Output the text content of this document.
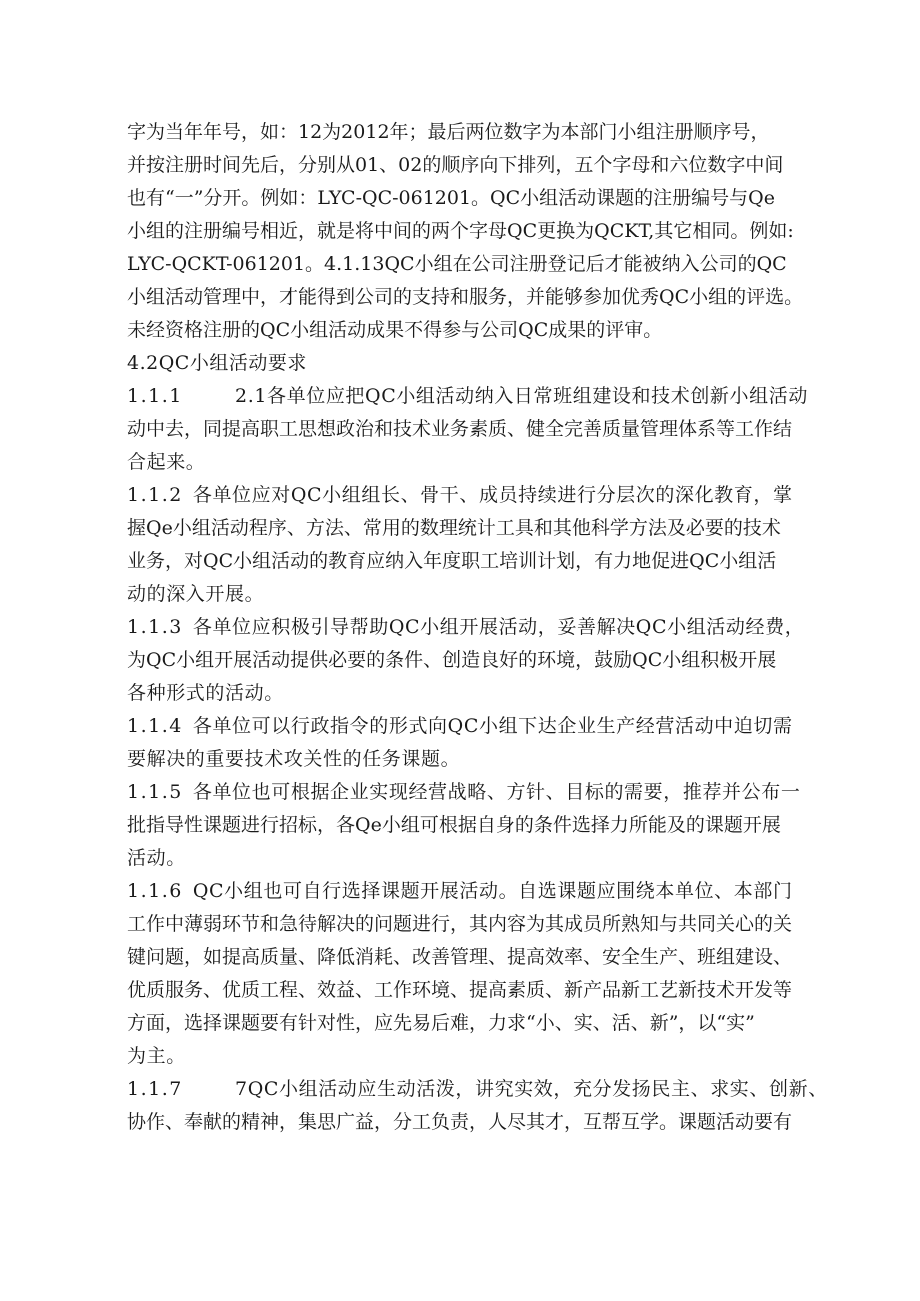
字为当年年号，如：12为2012年；最后两位数字为本部门小组注册顺序号，
并按注册时间先后，分别从01、02的顺序向下排列，五个字母和六位数字中间
也有“一”分开。例如：LYC-QC-061201。QC小组活动课题的注册编号与Qe
小组的注册编号相近，就是将中间的两个字母QC更换为QCKT,其它相同。例如:
LYC-QCKT-061201。4.1.13QC小组在公司注册登记后才能被纳入公司的QC
小组活动管理中，才能得到公司的支持和服务，并能够参加优秀QC小组的评选。
未经资格注册的QC小组活动成果不得参与公司QC成果的评审。
4.2QC小组活动要求
1.1.1	2.1各单位应把QC小组活动纳入日常班组建设和技术创新小组活动
动中去，同提高职工思想政治和技术业务素质、健全完善质量管理体系等工作结
合起来。
1.1.2 各单位应对QC小组组长、骨干、成员持续进行分层次的深化教育，掌
握Qe小组活动程序、方法、常用的数理统计工具和其他科学方法及必要的技术
业务，对QC小组活动的教育应纳入年度职工培训计划，有力地促进QC小组活
动的深入开展。
1.1.3 各单位应积极引导帮助QC小组开展活动，妥善解决QC小组活动经费，
为QC小组开展活动提供必要的条件、创造良好的环境，鼓励QC小组积极开展
各种形式的活动。
1.1.4 各单位可以行政指令的形式向QC小组下达企业生产经营活动中迫切需
要解决的重要技术攻关性的任务课题。
1.1.5 各单位也可根据企业实现经营战略、方针、目标的需要，推荐并公布一
批指导性课题进行招标，各Qe小组可根据自身的条件选择力所能及的课题开展
活动。
1.1.6 QC小组也可自行选择课题开展活动。自选课题应围绕本单位、本部门
工作中薄弱环节和急待解决的问题进行，其内容为其成员所熟知与共同关心的关
键问题，如提高质量、降低消耗、改善管理、提高效率、安全生产、班组建设、
优质服务、优质工程、效益、工作环境、提高素质、新产品新工艺新技术开发等
方面，选择课题要有针对性，应先易后难，力求“小、实、活、新”，以“实”
为主。
1.1.7	7QC小组活动应生动活泼，讲究实效，充分发扬民主、求实、创新、
协作、奉献的精神，集思广益，分工负责，人尽其才，互帮互学。课题活动要有
